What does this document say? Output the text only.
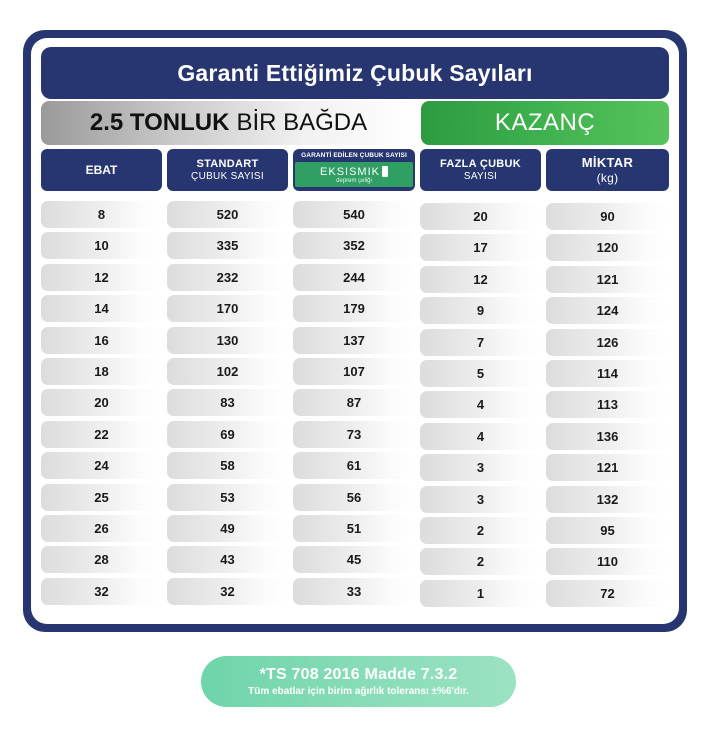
Garanti Ettiğimiz Çubuk Sayıları
2.5 TONLUK BİR BAĞDA	KAZANÇ
EBAT	STANDART
ÇUBUK SAYISI
GARANTİ EDİLEN ÇUBUK SAYISI
EKSISMIK
deprem çeliği
FAZLA ÇUBUK
SAYISI
MİKTAR
(kg)
8	520	540	20	90
10	335	352	17	120
12	232	244	12	121
14	170	179	9	124
16	130	137	7	126
18	102	107	5	114
20	83	87	4	113
22	69	73	4	136
24	58	61	3	121
25	53	56	3	132
26	49	51	2	95
28	43	45	2	110
32	32	33	1	72
*TS 708 2016 Madde 7.3.2
Tüm ebatlar için birim ağırlık toleransı ±%6'dır.
